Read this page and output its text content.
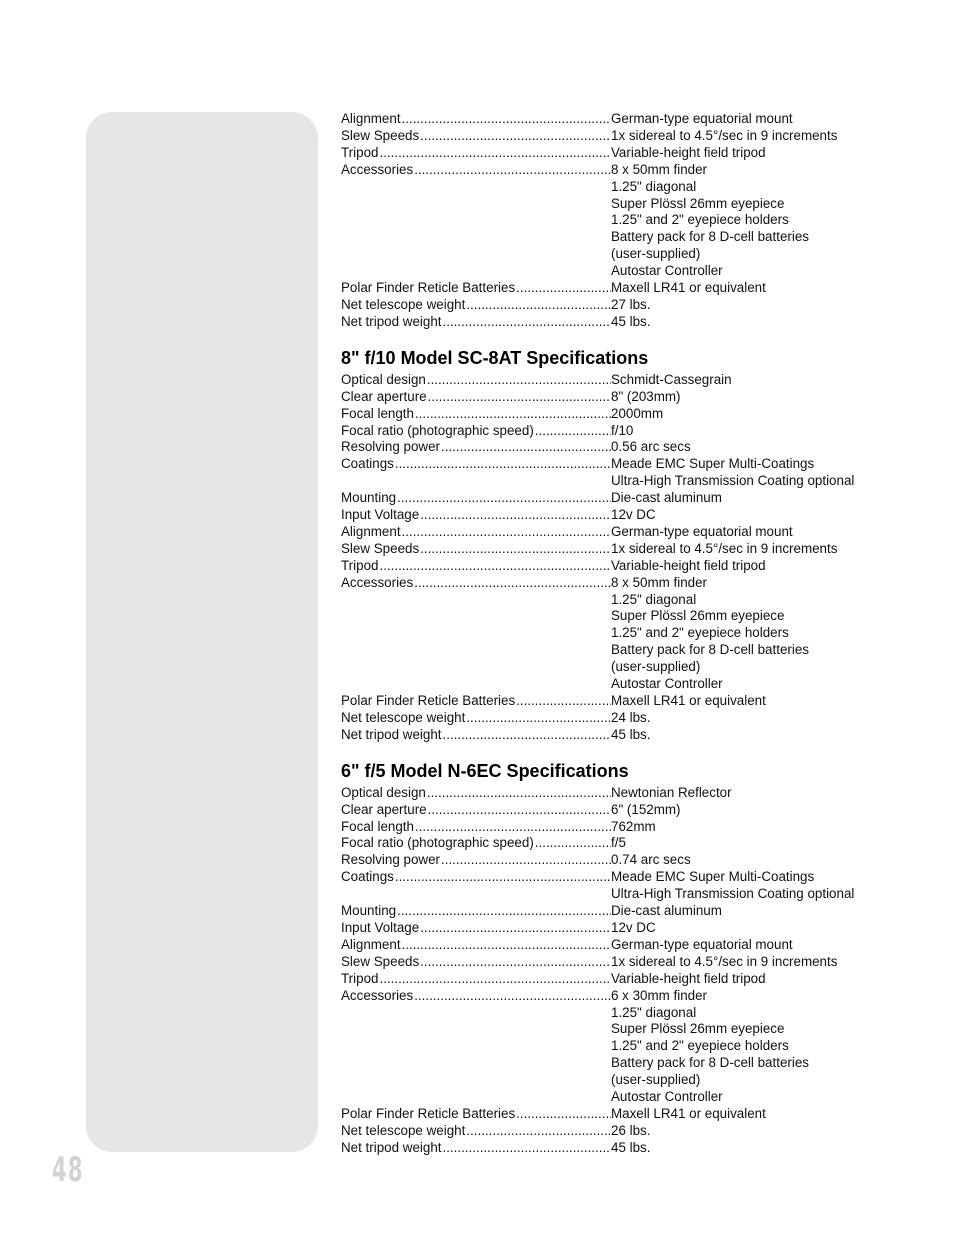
48
Alignment .....	German-type equatorial mount
Slew Speeds .....	1x sidereal to 4.5°/sec in 9 increments
Tripod .....	Variable-height field tripod
Accessories .....	8 x 50mm finder
1.25" diagonal
Super Plössl 26mm eyepiece
1.25" and 2" eyepiece holders
Battery pack for 8 D-cell batteries
(user-supplied)
Autostar Controller
Polar Finder Reticle Batteries .....	Maxell LR41 or equivalent
Net telescope weight .....	27 lbs.
Net tripod weight .....	45 lbs.
8" f/10 Model SC-8AT Specifications
Optical design .....	Schmidt-Cassegrain
Clear aperture .....	8" (203mm)
Focal length .....	2000mm
Focal ratio (photographic speed) .....	f/10
Resolving power .....	0.56 arc secs
Coatings .....	Meade EMC Super Multi-Coatings
Ultra-High Transmission Coating optional
Mounting .....	Die-cast aluminum
Input Voltage .....	12v DC
Alignment .....	German-type equatorial mount
Slew Speeds .....	1x sidereal to 4.5°/sec in 9 increments
Tripod .....	Variable-height field tripod
Accessories .....	8 x 50mm finder
1.25" diagonal
Super Plössl 26mm eyepiece
1.25" and 2" eyepiece holders
Battery pack for 8 D-cell batteries
(user-supplied)
Autostar Controller
Polar Finder Reticle Batteries .....	Maxell LR41 or equivalent
Net telescope weight .....	24 lbs.
Net tripod weight .....	45 lbs.
6" f/5 Model N-6EC Specifications
Optical design .....	Newtonian Reflector
Clear aperture .....	6" (152mm)
Focal length .....	762mm
Focal ratio (photographic speed) .....	f/5
Resolving power .....	0.74 arc secs
Coatings .....	Meade EMC Super Multi-Coatings
Ultra-High Transmission Coating optional
Mounting .....	Die-cast aluminum
Input Voltage .....	12v DC
Alignment .....	German-type equatorial mount
Slew Speeds .....	1x sidereal to 4.5°/sec in 9 increments
Tripod .....	Variable-height field tripod
Accessories .....	6 x 30mm finder
1.25" diagonal
Super Plössl 26mm eyepiece
1.25" and 2" eyepiece holders
Battery pack for 8 D-cell batteries
(user-supplied)
Autostar Controller
Polar Finder Reticle Batteries .....	Maxell LR41 or equivalent
Net telescope weight .....	26 lbs.
Net tripod weight .....	45 lbs.
